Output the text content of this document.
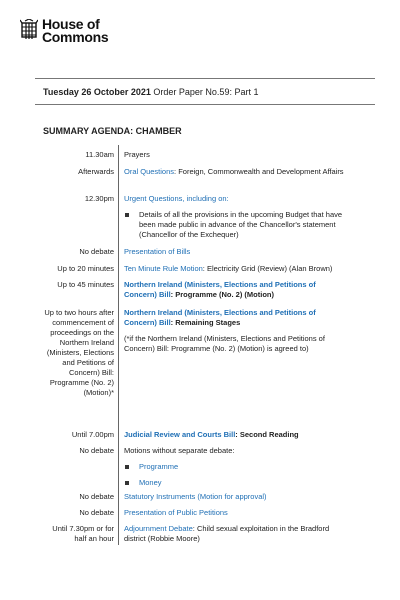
House of
Commons
Tuesday 26 October 2021 Order Paper No.59: Part 1
SUMMARY AGENDA: CHAMBER
11.30am Prayers
Afterwards Oral Questions: Foreign, Commonwealth and Development Affairs
12.30pm Urgent Questions, including on:
Details of all the provisions in the upcoming Budget that have been made public in advance of the Chancellor's statement (Chancellor of the Exchequer)
No debate Presentation of Bills
Up to 20 minutes Ten Minute Rule Motion: Electricity Grid (Review) (Alan Brown)
Up to 45 minutes Northern Ireland (Ministers, Elections and Petitions of Concern) Bill: Programme (No. 2) (Motion)
Up to two hours after commencement of proceedings on the Northern Ireland (Ministers, Elections and Petitions of Concern) Bill: Programme (No. 2) (Motion)*
Northern Ireland (Ministers, Elections and Petitions of Concern) Bill: Remaining Stages
(*if the Northern Ireland (Ministers, Elections and Petitions of Concern) Bill: Programme (No. 2) (Motion) is agreed to)
Until 7.00pm Judicial Review and Courts Bill: Second Reading
No debate Motions without separate debate:
Programme
Money
No debate Statutory Instruments (Motion for approval)
No debate Presentation of Public Petitions
Until 7.30pm or for half an hour
Adjournment Debate: Child sexual exploitation in the Bradford district (Robbie Moore)
